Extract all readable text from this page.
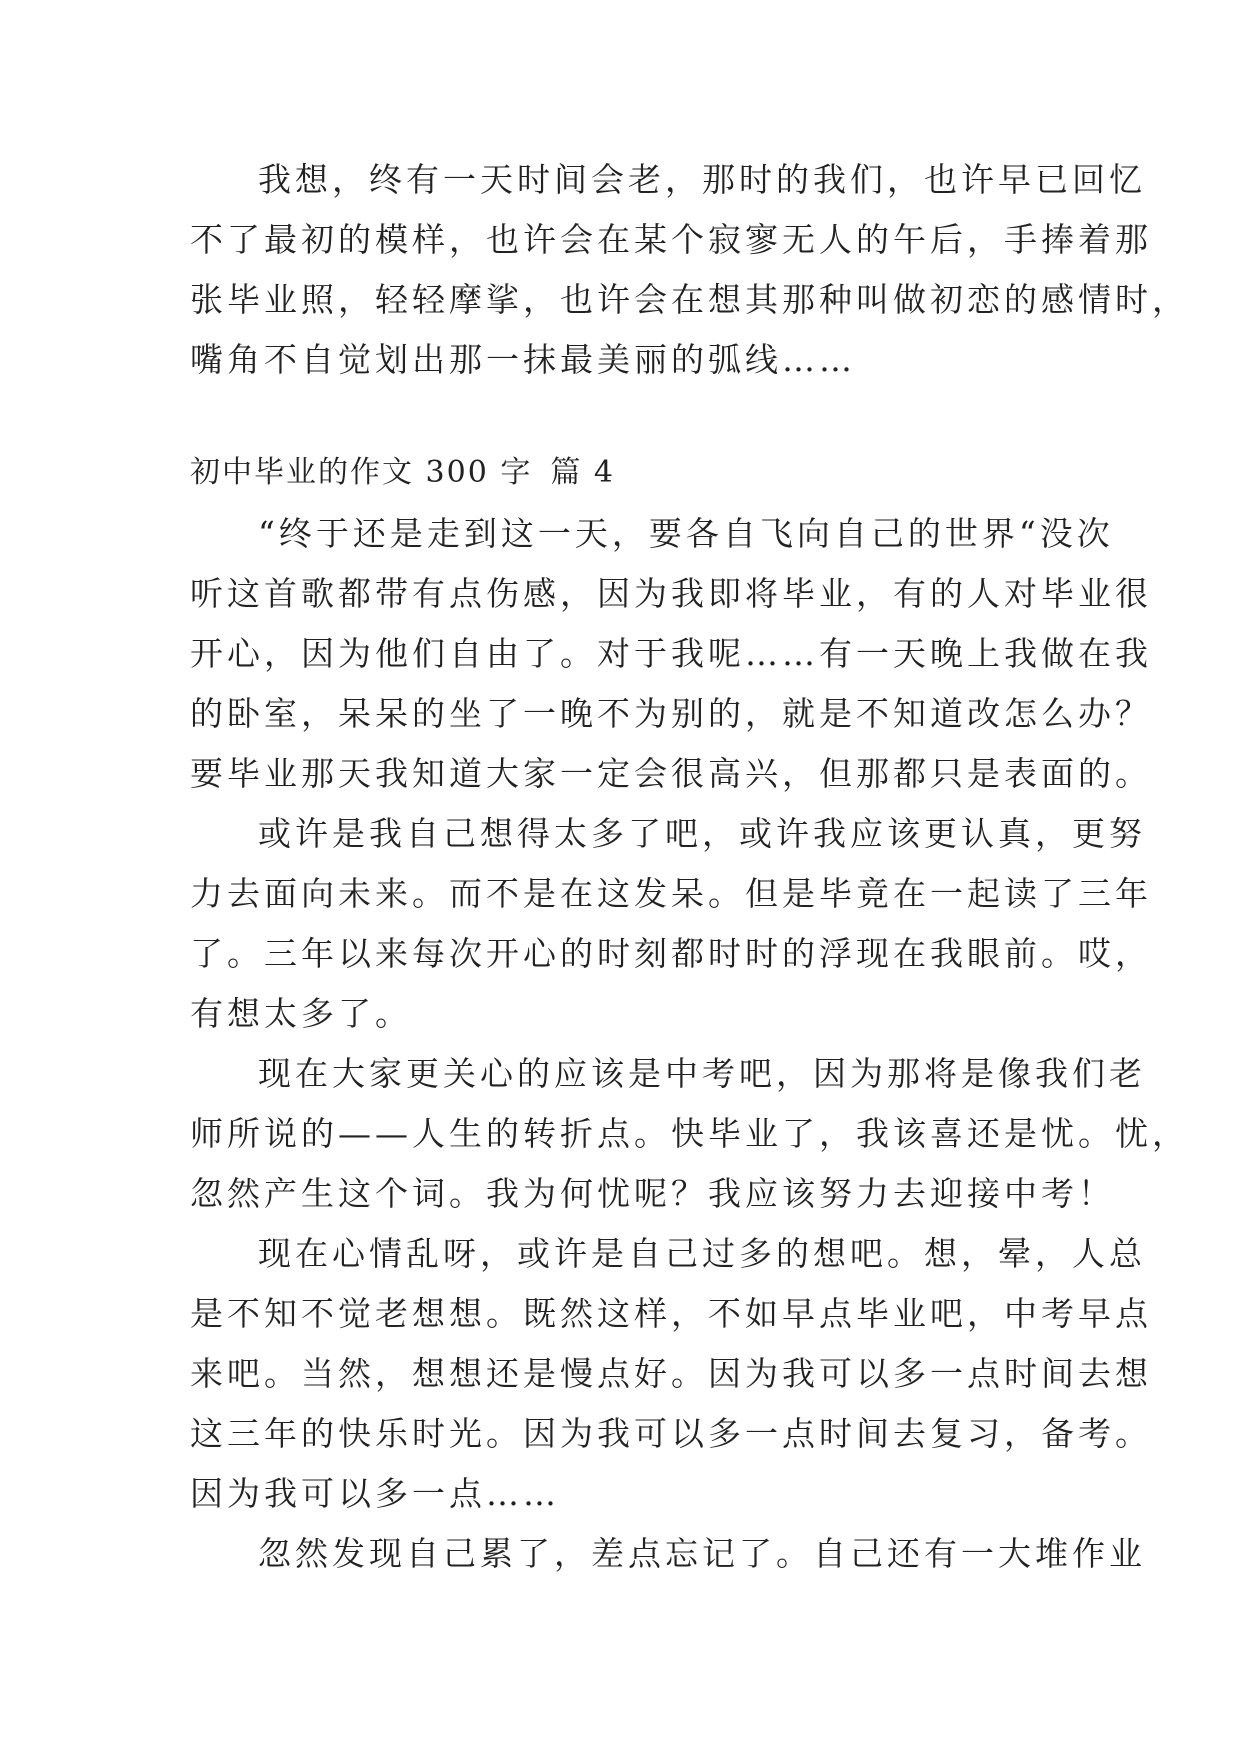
我想，终有一天时间会老，那时的我们，也许早已回忆
不了最初的模样，也许会在某个寂寥无人的午后，手捧着那
张毕业照，轻轻摩挲，也许会在想其那种叫做初恋的感情时，
嘴角不自觉划出那一抹最美丽的弧线……
初中毕业的作文 300 字 篇 4
“终于还是走到这一天，要各自飞向自己的世界“没次
听这首歌都带有点伤感，因为我即将毕业，有的人对毕业很
开心，因为他们自由了。对于我呢……有一天晚上我做在我
的卧室，呆呆的坐了一晚不为别的，就是不知道改怎么办？
要毕业那天我知道大家一定会很高兴，但那都只是表面的。
或许是我自己想得太多了吧，或许我应该更认真，更努
力去面向未来。而不是在这发呆。但是毕竟在一起读了三年
了。三年以来每次开心的时刻都时时的浮现在我眼前。哎，
有想太多了。
现在大家更关心的应该是中考吧，因为那将是像我们老
师所说的——人生的转折点。快毕业了，我该喜还是忧。忧，
忽然产生这个词。我为何忧呢？我应该努力去迎接中考！
现在心情乱呀，或许是自己过多的想吧。想，晕，人总
是不知不觉老想想。既然这样，不如早点毕业吧，中考早点
来吧。当然，想想还是慢点好。因为我可以多一点时间去想
这三年的快乐时光。因为我可以多一点时间去复习，备考。
因为我可以多一点……
忽然发现自己累了，差点忘记了。自己还有一大堆作业
